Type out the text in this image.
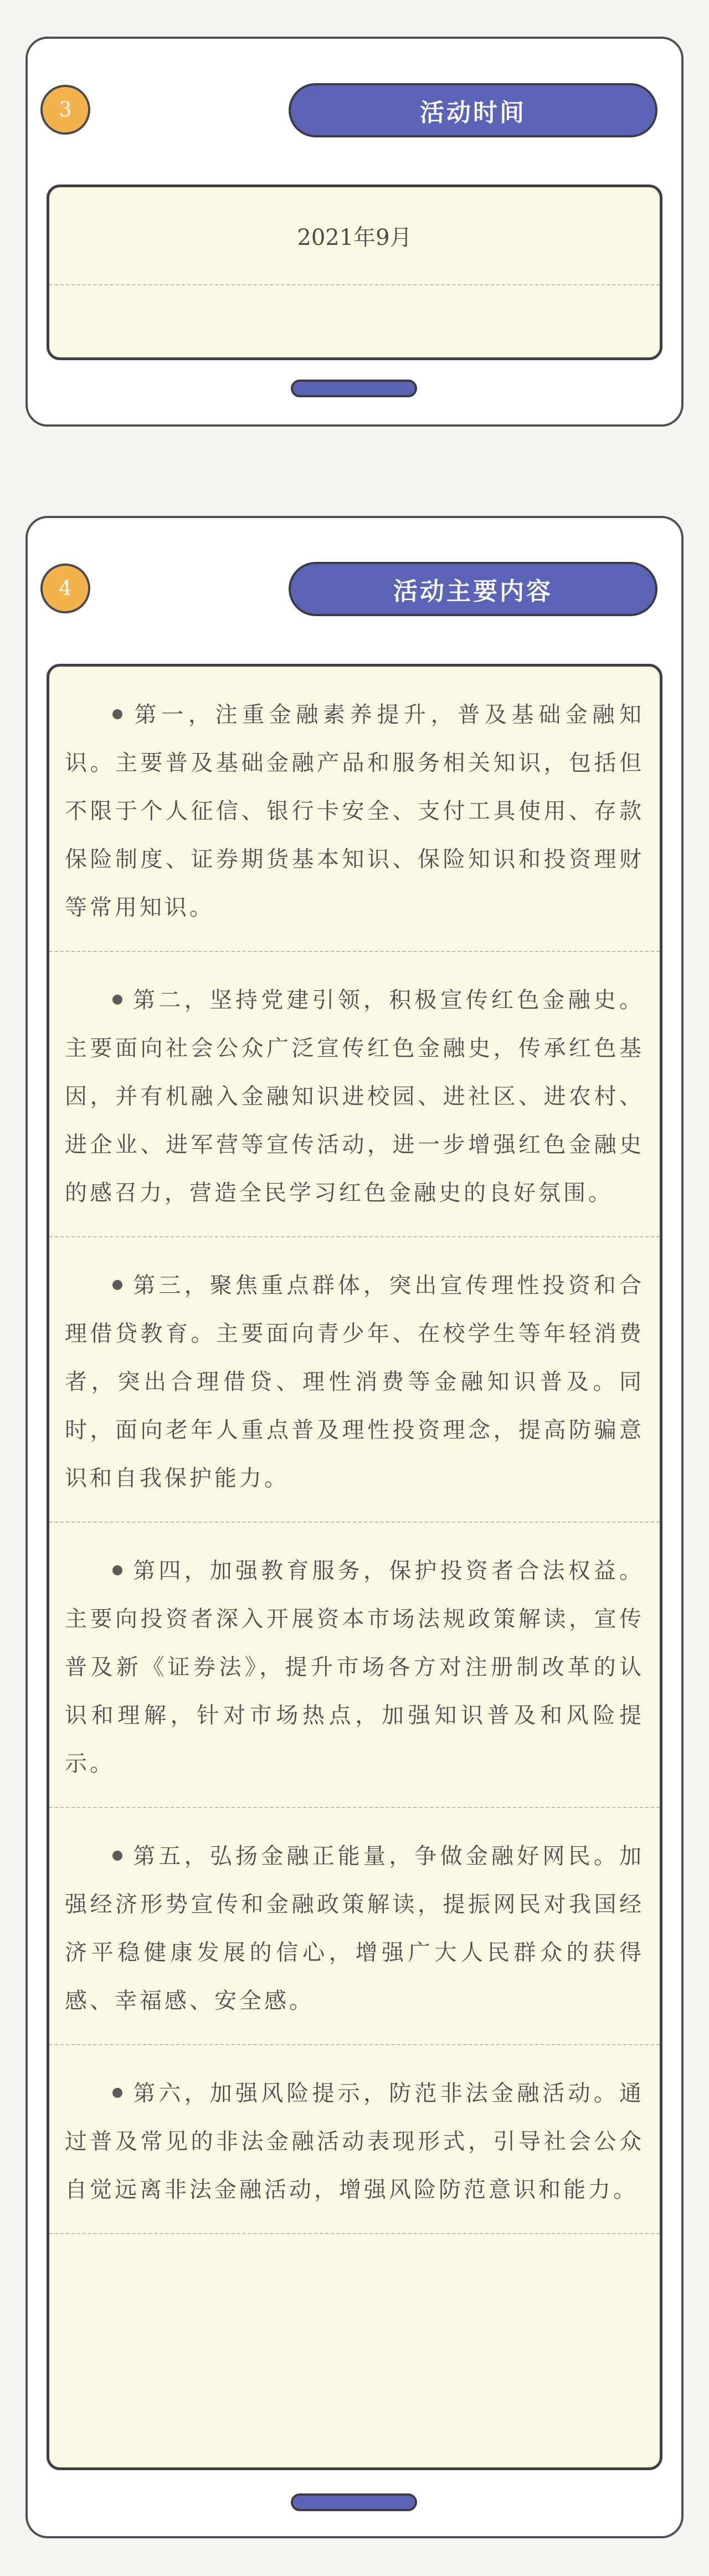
3	活动时间
2021年9月
4	活动主要内容
第一，注重金融素养提升，普及基础金融知识。主要普及基础金融产品和服务相关知识，包括但不限于个人征信、银行卡安全、支付工具使用、存款保险制度、证券期货基本知识、保险知识和投资理财等常用知识。
第二，坚持党建引领，积极宣传红色金融史。主要面向社会公众广泛宣传红色金融史，传承红色基因，并有机融入金融知识进校园、进社区、进农村、进企业、进军营等宣传活动，进一步增强红色金融史的感召力，营造全民学习红色金融史的良好氛围。
第三，聚焦重点群体，突出宣传理性投资和合理借贷教育。主要面向青少年、在校学生等年轻消费者，突出合理借贷、理性消费等金融知识普及。同时，面向老年人重点普及理性投资理念，提高防骗意识和自我保护能力。
第四，加强教育服务，保护投资者合法权益。主要向投资者深入开展资本市场法规政策解读，宣传普及新《证券法》，提升市场各方对注册制改革的认识和理解，针对市场热点，加强知识普及和风险提示。
第五，弘扬金融正能量，争做金融好网民。加强经济形势宣传和金融政策解读，提振网民对我国经济平稳健康发展的信心，增强广大人民群众的获得感、幸福感、安全感。
第六，加强风险提示，防范非法金融活动。通过普及常见的非法金融活动表现形式，引导社会公众自觉远离非法金融活动，增强风险防范意识和能力。
